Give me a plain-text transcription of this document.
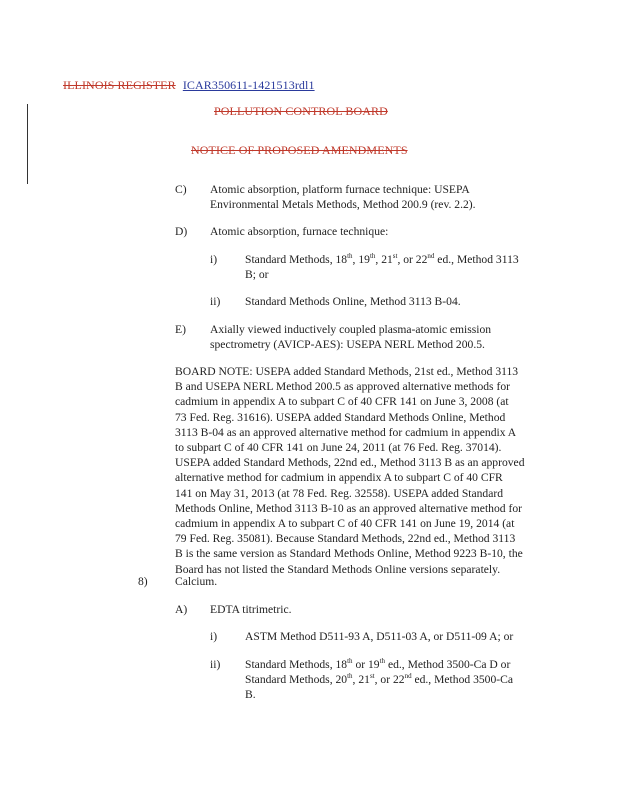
ILLINOIS REGISTER ICAR350611-1421513rdl1
POLLUTION CONTROL BOARD
NOTICE OF PROPOSED AMENDMENTS
C) Atomic absorption, platform furnace technique: USEPA
Environmental Metals Methods, Method 200.9 (rev. 2.2).
D) Atomic absorption, furnace technique:
i) Standard Methods, 18th, 19th, 21st, or 22nd ed., Method 3113
B; or
ii) Standard Methods Online, Method 3113 B-04.
E) Axially viewed inductively coupled plasma-atomic emission
spectrometry (AVICP-AES): USEPA NERL Method 200.5.
BOARD NOTE: USEPA added Standard Methods, 21st ed., Method 3113
B and USEPA NERL Method 200.5 as approved alternative methods for
cadmium in appendix A to subpart C of 40 CFR 141 on June 3, 2008 (at
73 Fed. Reg. 31616). USEPA added Standard Methods Online, Method
3113 B-04 as an approved alternative method for cadmium in appendix A
to subpart C of 40 CFR 141 on June 24, 2011 (at 76 Fed. Reg. 37014).
USEPA added Standard Methods, 22nd ed., Method 3113 B as an approved
alternative method for cadmium in appendix A to subpart C of 40 CFR
141 on May 31, 2013 (at 78 Fed. Reg. 32558). USEPA added Standard
Methods Online, Method 3113 B-10 as an approved alternative method for
cadmium in appendix A to subpart C of 40 CFR 141 on June 19, 2014 (at
79 Fed. Reg. 35081). Because Standard Methods, 22nd ed., Method 3113
B is the same version as Standard Methods Online, Method 9223 B-10, the
Board has not listed the Standard Methods Online versions separately.
8) Calcium.
A) EDTA titrimetric.
i) ASTM Method D511-93 A, D511-03 A, or D511-09 A; or
ii) Standard Methods, 18th or 19th ed., Method 3500-Ca D or
Standard Methods, 20th, 21st, or 22nd ed., Method 3500-Ca
B.
